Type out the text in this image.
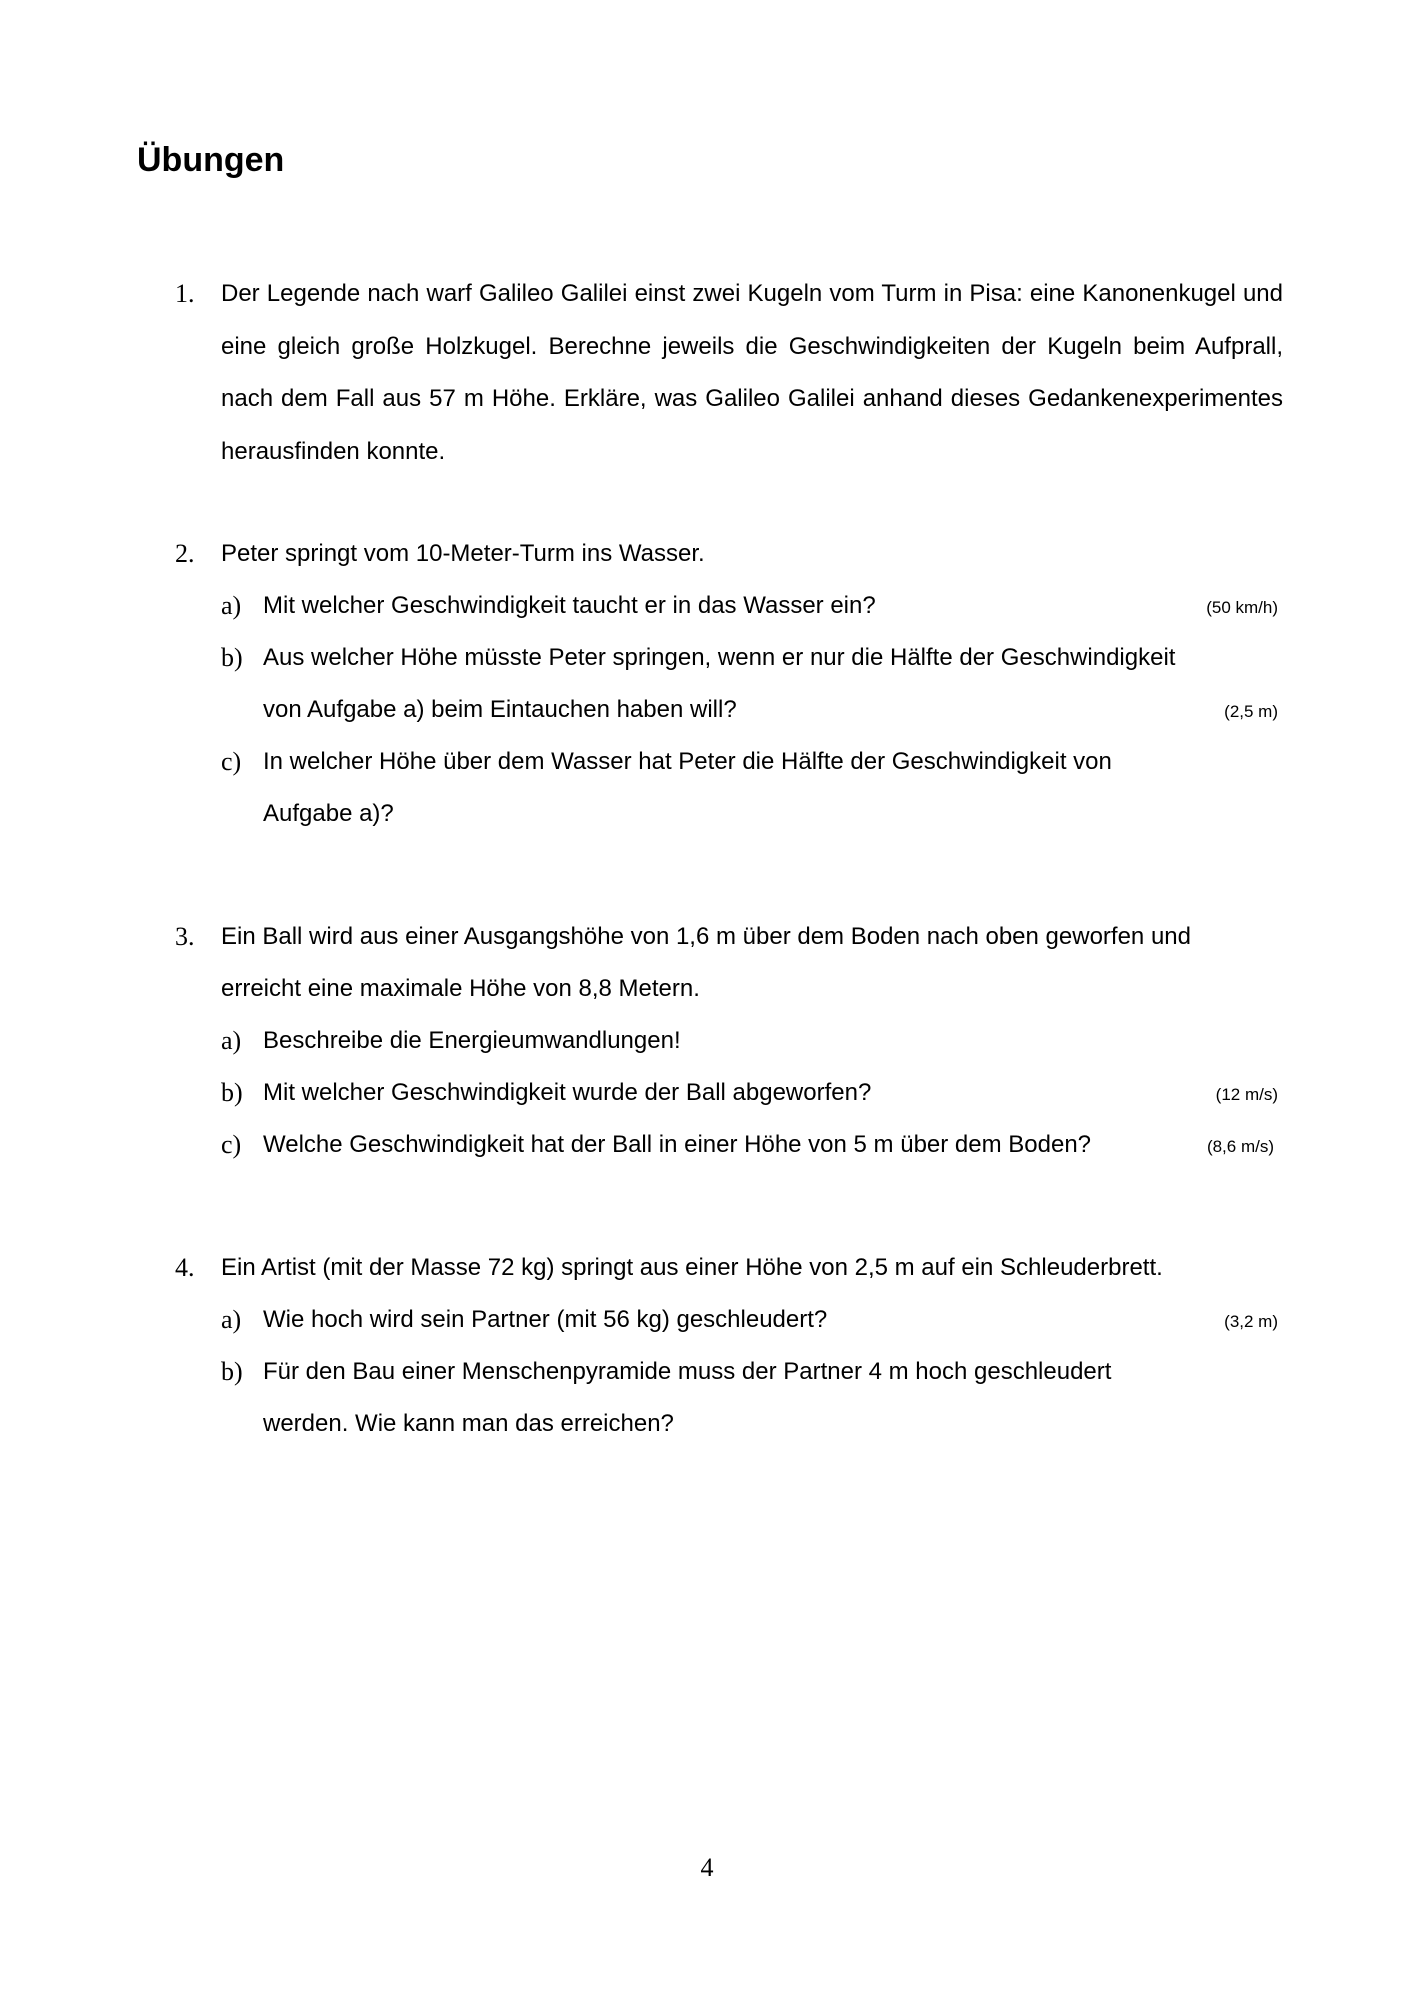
Übungen
1. Der Legende nach warf Galileo Galilei einst zwei Kugeln vom Turm in Pisa: eine Kanonenkugel und eine gleich große Holzkugel. Berechne jeweils die Geschwindigkeiten der Kugeln beim Aufprall, nach dem Fall aus 57 m Höhe. Erkläre, was Galileo Galilei anhand dieses Gedankenexperimentes herausfinden konnte.

2. Peter springt vom 10-Meter-Turm ins Wasser.
a) Mit welcher Geschwindigkeit taucht er in das Wasser ein?	(50 km/h)
b) Aus welcher Höhe müsste Peter springen, wenn er nur die Hälfte der Geschwindigkeit
von Aufgabe a) beim Eintauchen haben will?	(2,5 m)
c) In welcher Höhe über dem Wasser hat Peter die Hälfte der Geschwindigkeit von
Aufgabe a)?
3. Ein Ball wird aus einer Ausgangshöhe von 1,6 m über dem Boden nach oben geworfen und
erreicht eine maximale Höhe von 8,8 Metern.
a) Beschreibe die Energieumwandlungen!
b) Mit welcher Geschwindigkeit wurde der Ball abgeworfen?	(12 m/s)
c) Welche Geschwindigkeit hat der Ball in einer Höhe von 5 m über dem Boden?	(8,6 m/s)
4. Ein Artist (mit der Masse 72 kg) springt aus einer Höhe von 2,5 m auf ein Schleuderbrett.
a) Wie hoch wird sein Partner (mit 56 kg) geschleudert?	(3,2 m)
b) Für den Bau einer Menschenpyramide muss der Partner 4 m hoch geschleudert
werden. Wie kann man das erreichen?
4
